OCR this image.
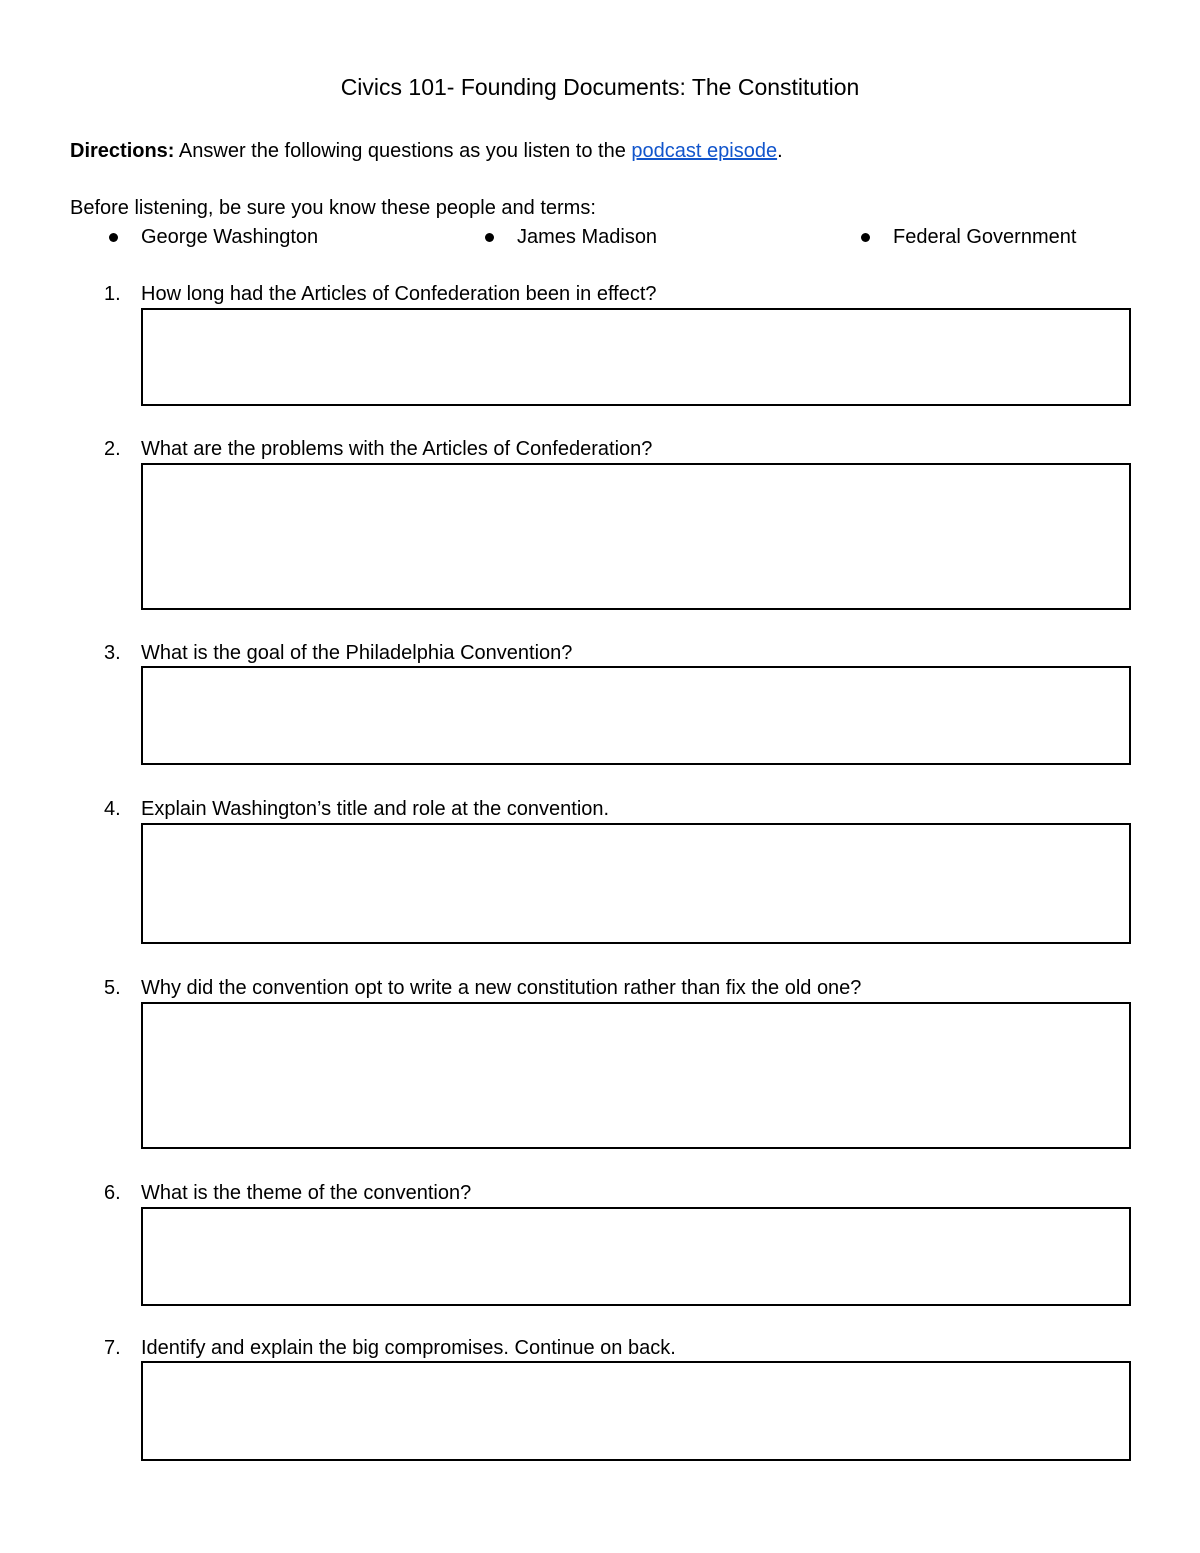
Civics 101- Founding Documents: The Constitution
Directions: Answer the following questions as you listen to the podcast episode.
Before listening, be sure you know these people and terms:
George Washington	James Madison	Federal Government
1. How long had the Articles of Confederation been in effect?
2. What are the problems with the Articles of Confederation?
3. What is the goal of the Philadelphia Convention?
4. Explain Washington’s title and role at the convention.
5. Why did the convention opt to write a new constitution rather than fix the old one?
6. What is the theme of the convention?
7. Identify and explain the big compromises. Continue on back.
